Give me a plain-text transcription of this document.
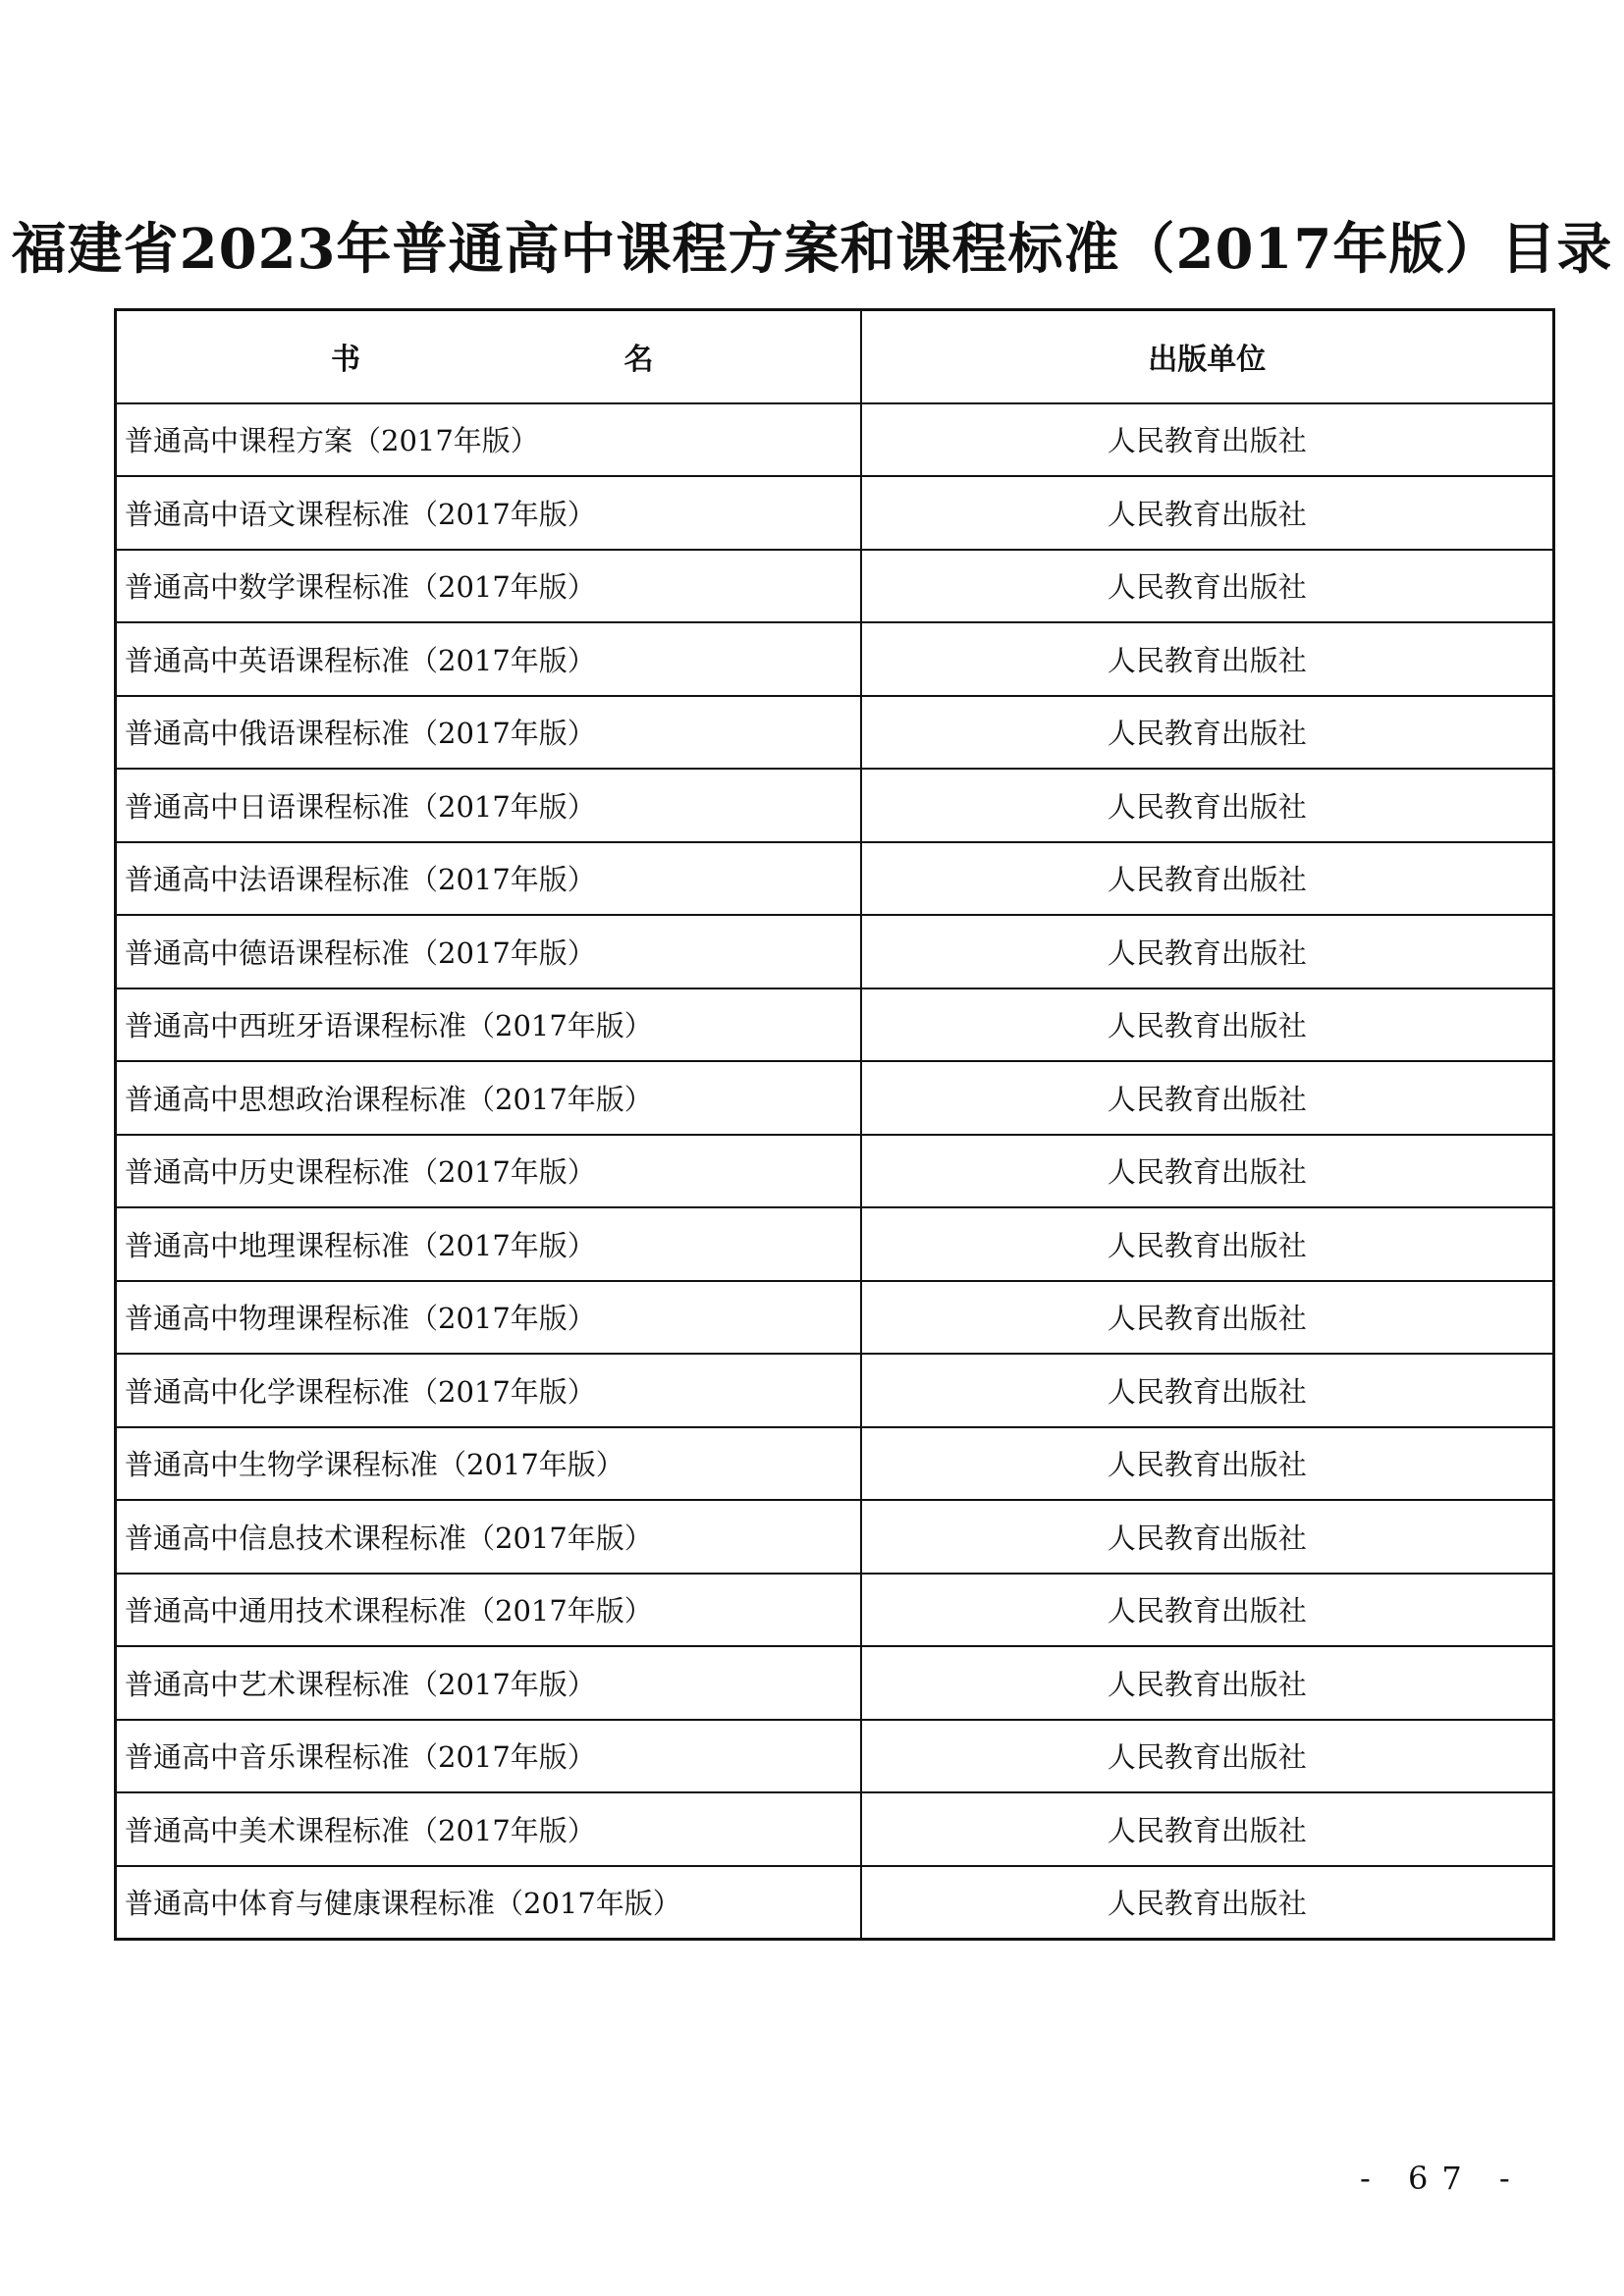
福建省2023年普通高中课程方案和课程标准（2017年版）目录
书 名	出版单位
普通高中课程方案（2017年版）	人民教育出版社
普通高中语文课程标准（2017年版）	人民教育出版社
普通高中数学课程标准（2017年版）	人民教育出版社
普通高中英语课程标准（2017年版）	人民教育出版社
普通高中俄语课程标准（2017年版）	人民教育出版社
普通高中日语课程标准（2017年版）	人民教育出版社
普通高中法语课程标准（2017年版）	人民教育出版社
普通高中德语课程标准（2017年版）	人民教育出版社
普通高中西班牙语课程标准（2017年版）	人民教育出版社
普通高中思想政治课程标准（2017年版）	人民教育出版社
普通高中历史课程标准（2017年版）	人民教育出版社
普通高中地理课程标准（2017年版）	人民教育出版社
普通高中物理课程标准（2017年版）	人民教育出版社
普通高中化学课程标准（2017年版）	人民教育出版社
普通高中生物学课程标准（2017年版）	人民教育出版社
普通高中信息技术课程标准（2017年版）	人民教育出版社
普通高中通用技术课程标准（2017年版）	人民教育出版社
普通高中艺术课程标准（2017年版）	人民教育出版社
普通高中音乐课程标准（2017年版）	人民教育出版社
普通高中美术课程标准（2017年版）	人民教育出版社
普通高中体育与健康课程标准（2017年版）	人民教育出版社
- 67 -
